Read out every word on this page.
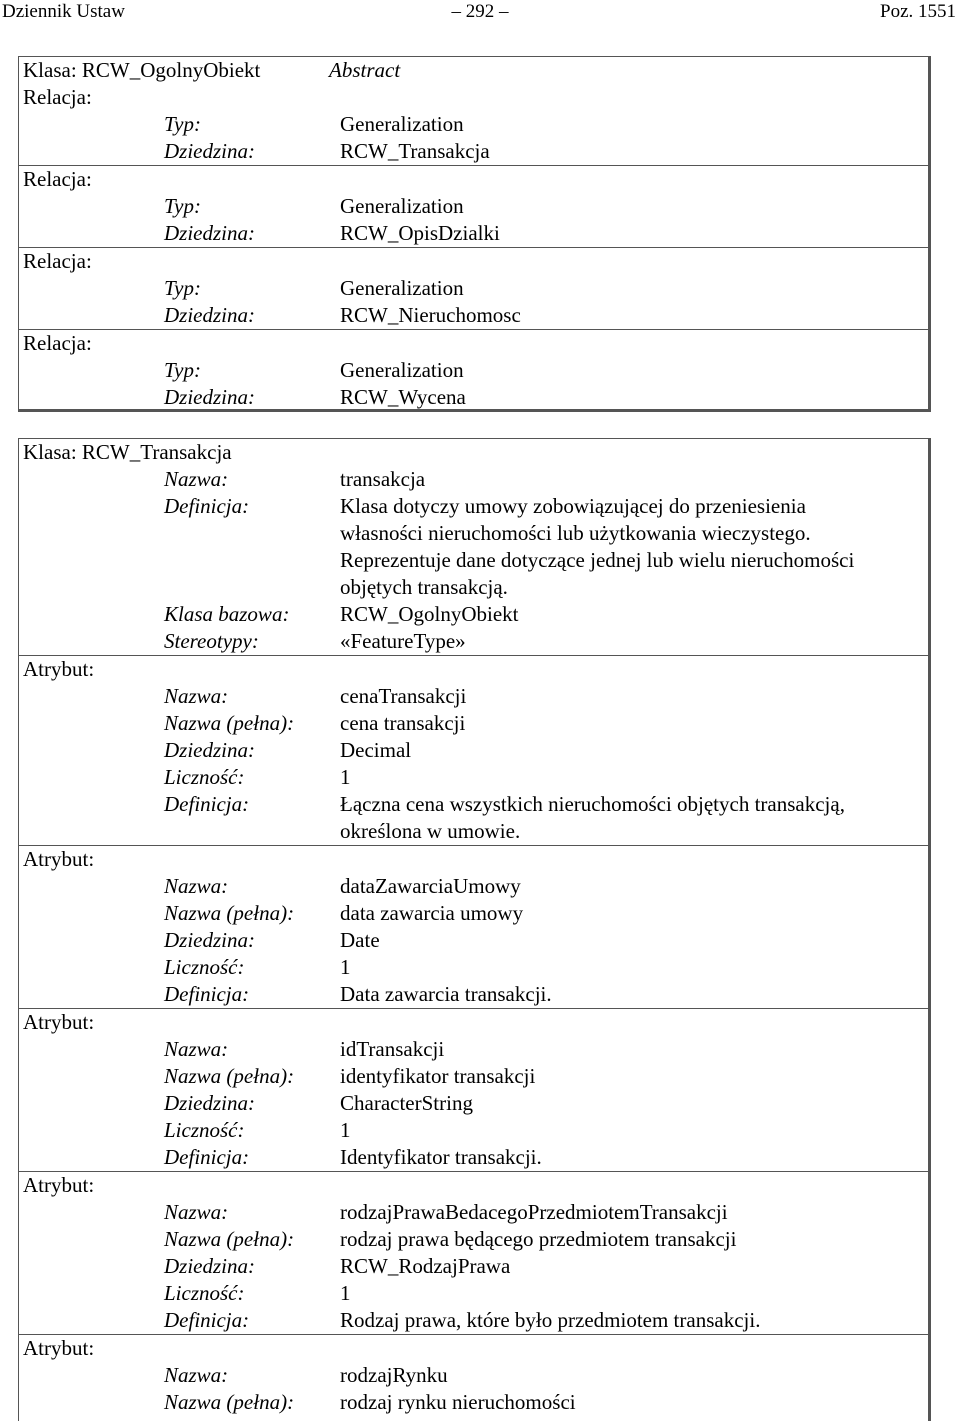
Dziennik Ustaw	– 292 –	Poz. 1551
Klasa: RCW_OgolnyObiekt	Abstract
Relacja:
Typ:	Generalization
Dziedzina:	RCW_Transakcja
Relacja:
Typ:	Generalization
Dziedzina:	RCW_OpisDzialki
Relacja:
Typ:	Generalization
Dziedzina:	RCW_Nieruchomosc
Relacja:
Typ:	Generalization
Dziedzina:	RCW_Wycena
Klasa: RCW_Transakcja
Nazwa:	transakcja
Definicja:	Klasa dotyczy umowy zobowiązującej do przeniesienia
własności nieruchomości lub użytkowania wieczystego.
Reprezentuje dane dotyczące jednej lub wielu nieruchomości
objętych transakcją.
Klasa bazowa: RCW_OgolnyObiekt
Stereotypy:	«FeatureType»
Atrybut:
Nazwa:	cenaTransakcji
Nazwa (pełna): cena transakcji
Dziedzina:	Decimal
Liczność:	1
Definicja:	Łączna cena wszystkich nieruchomości objętych transakcją,
określona w umowie.
Atrybut:
Nazwa:	dataZawarciaUmowy
Nazwa (pełna): data zawarcia umowy
Dziedzina:	Date
Liczność:	1
Definicja:	Data zawarcia transakcji.
Atrybut:
Nazwa:	idTransakcji
Nazwa (pełna): identyfikator transakcji
Dziedzina:	CharacterString
Liczność:	1
Definicja:	Identyfikator transakcji.
Atrybut:
Nazwa:	rodzajPrawaBedacegoPrzedmiotemTransakcji
Nazwa (pełna): rodzaj prawa będącego przedmiotem transakcji
Dziedzina:	RCW_RodzajPrawa
Liczność:	1
Definicja:	Rodzaj prawa, które było przedmiotem transakcji.
Atrybut:
Nazwa:	rodzajRynku
Nazwa (pełna): rodzaj rynku nieruchomości
